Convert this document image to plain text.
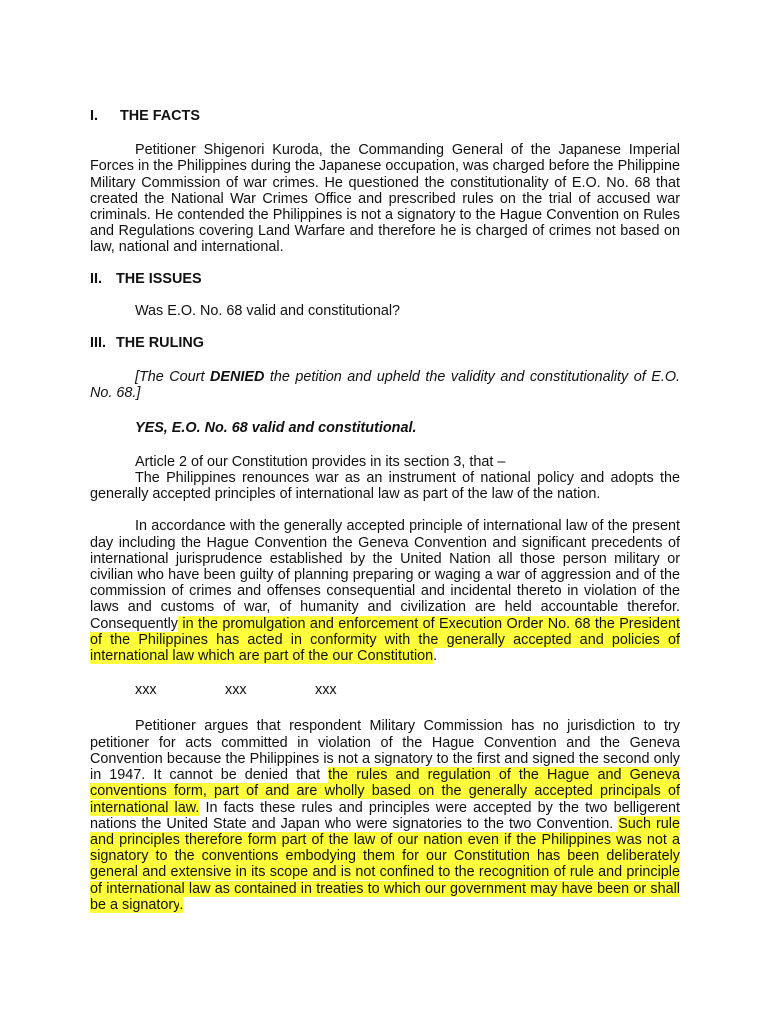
I. THE FACTS

Petitioner Shigenori Kuroda, the Commanding General of the Japanese Imperial Forces in the Philippines during the Japanese occupation, was charged before the Philippine Military Commission of war crimes. He questioned the constitutionality of E.O. No. 68 that created the National War Crimes Office and prescribed rules on the trial of accused war criminals. He contended the Philippines is not a signatory to the Hague Convention on Rules and Regulations covering Land Warfare and therefore he is charged of crimes not based on law, national and international.

II. THE ISSUES

Was E.O. No. 68 valid and constitutional?

III. THE RULING

[The Court DENIED the petition and upheld the validity and constitutionality of E.O. No. 68.]

YES, E.O. No. 68 valid and constitutional.

Article 2 of our Constitution provides in its section 3, that –

The Philippines renounces war as an instrument of national policy and adopts the generally accepted principles of international law as part of the law of the nation.

In accordance with the generally accepted principle of international law of the present day including the Hague Convention the Geneva Convention and significant precedents of international jurisprudence established by the United Nation all those person military or civilian who have been guilty of planning preparing or waging a war of aggression and of the commission of crimes and offenses consequential and incidental thereto in violation of the laws and customs of war, of humanity and civilization are held accountable therefor. Consequently in the promulgation and enforcement of Execution Order No. 68 the President of the Philippines has acted in conformity with the generally accepted and policies of international law which are part of the our Constitution.

xxx	xxx	xxx

Petitioner argues that respondent Military Commission has no jurisdiction to try petitioner for acts committed in violation of the Hague Convention and the Geneva Convention because the Philippines is not a signatory to the first and signed the second only in 1947. It cannot be denied that the rules and regulation of the Hague and Geneva conventions form, part of and are wholly based on the generally accepted principals of international law. In facts these rules and principles were accepted by the two belligerent nations the United State and Japan who were signatories to the two Convention. Such rule and principles therefore form part of the law of our nation even if the Philippines was not a signatory to the conventions embodying them for our Constitution has been deliberately general and extensive in its scope and is not confined to the recognition of rule and principle of international law as contained in treaties to which our government may have been or shall be a signatory.
